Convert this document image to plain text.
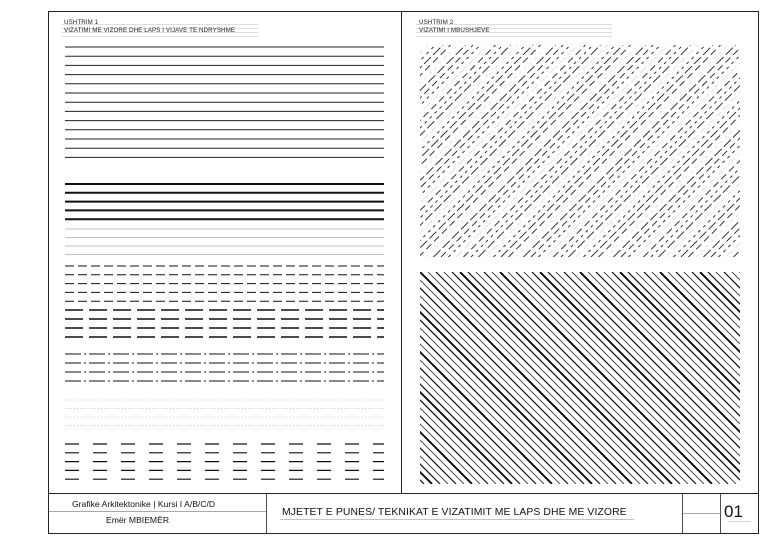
USHTRIM 1
VIZATIMI ME VIZORE DHE LAPS I VIJAVE TE NDRYSHME
USHTRIM 2
VIZATIMI I MBUSHJEVE
Grafike Arkitektonike | Kursi I A/B/C/D
Emër MBIEMËR
MJETET E PUNES/ TEKNIKAT E VIZATIMIT ME LAPS DHE ME VIZORE	01
